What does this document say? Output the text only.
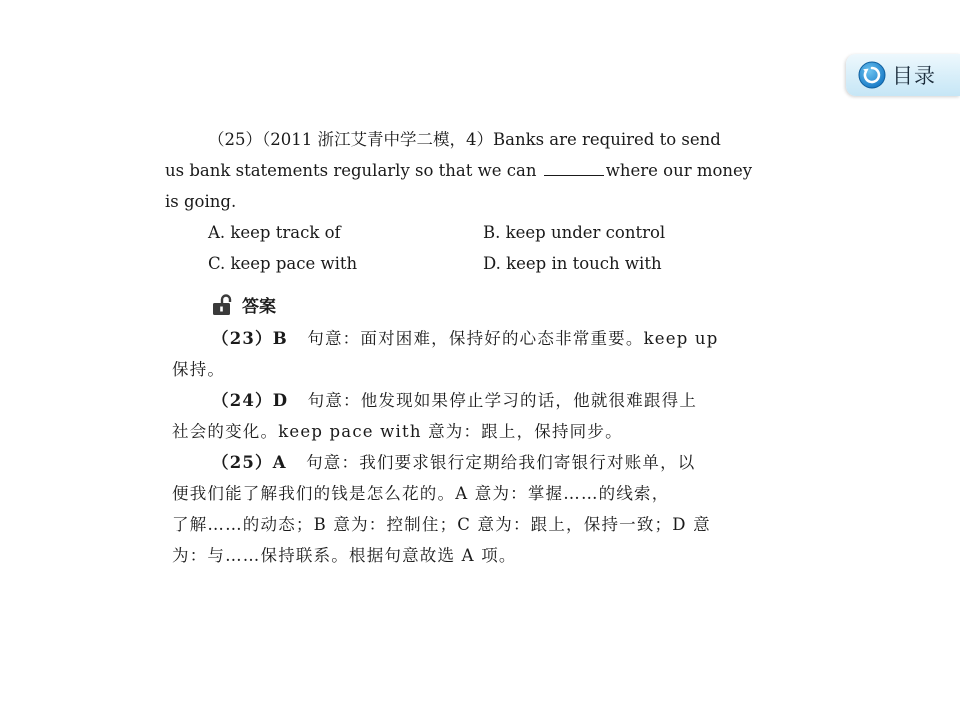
目录
（25）（2011 浙江艾青中学二模，4）Banks are required to send
us bank statements regularly so that we can	where our money
is going.
A. keep track of	B. keep under control
C. keep pace with	D. keep in touch with
答案
（23）B 句意：面对困难，保持好的心态非常重要。keep up
保持。
（24）D 句意：他发现如果停止学习的话，他就很难跟得上
社会的变化。keep pace with 意为：跟上，保持同步。
（25）A 句意：我们要求银行定期给我们寄银行对账单，以
便我们能了解我们的钱是怎么花的。A 意为：掌握……的线索，
了解……的动态；B 意为：控制住；C 意为：跟上，保持一致；D 意
为：与……保持联系。根据句意故选 A 项。
